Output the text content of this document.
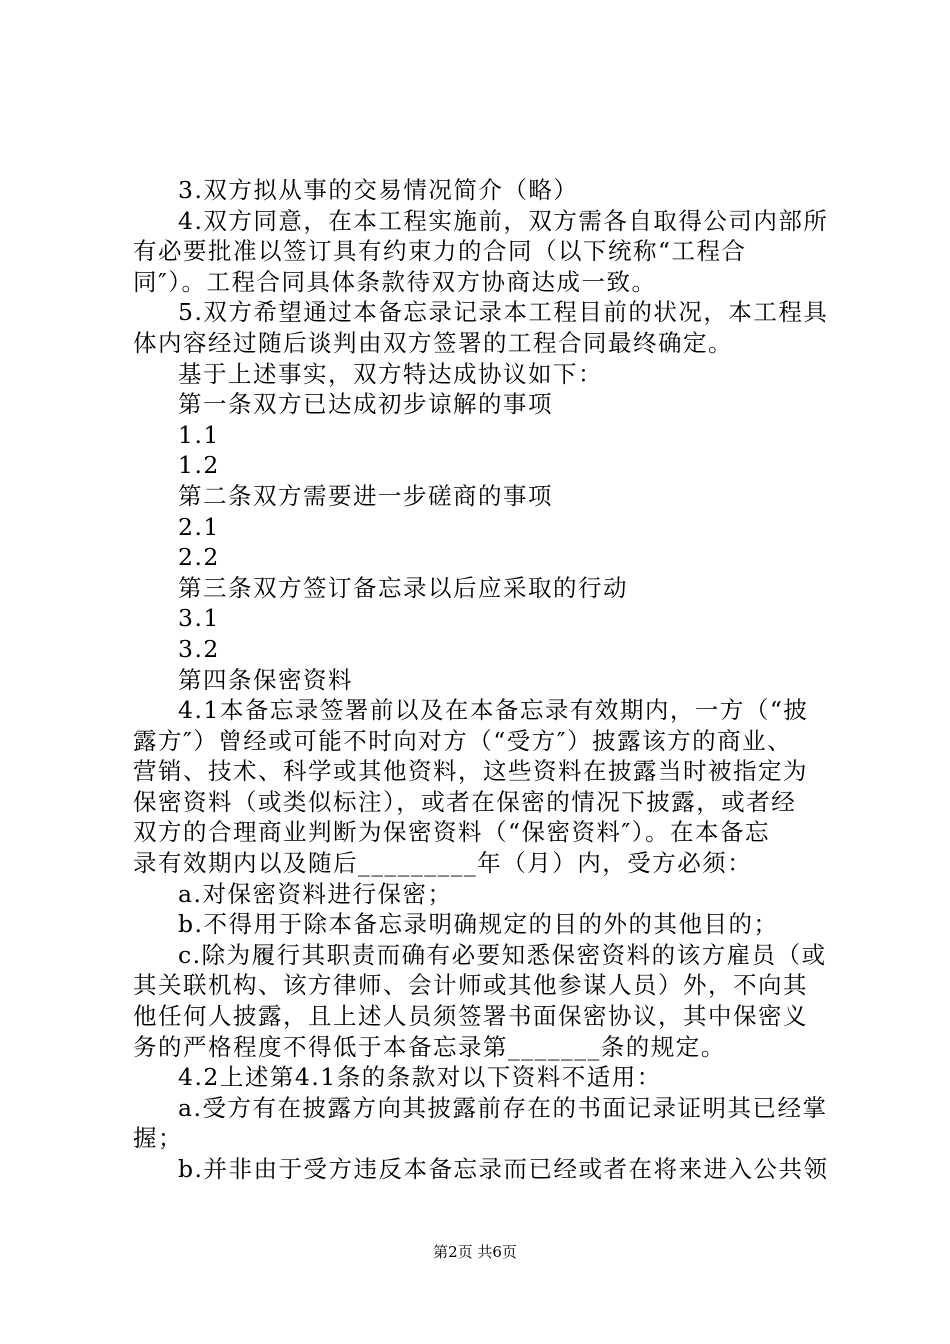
3.双方拟从事的交易情况简介（略）
4.双方同意，在本工程实施前，双方需各自取得公司内部所
有必要批准以签订具有约束力的合同（以下统称“工程合
同″）。工程合同具体条款待双方协商达成一致。
5.双方希望通过本备忘录记录本工程目前的状况，本工程具
体内容经过随后谈判由双方签署的工程合同最终确定。
基于上述事实，双方特达成协议如下：
第一条双方已达成初步谅解的事项
1.1
1.2
第二条双方需要进一步磋商的事项
2.1
2.2
第三条双方签订备忘录以后应采取的行动
3.1
3.2
第四条保密资料
4.1本备忘录签署前以及在本备忘录有效期内，一方（“披
露方″）曾经或可能不时向对方（“受方″）披露该方的商业、
营销、技术、科学或其他资料，这些资料在披露当时被指定为
保密资料（或类似标注），或者在保密的情况下披露，或者经
双方的合理商业判断为保密资料（“保密资料″）。在本备忘
录有效期内以及随后_________年（月）内，受方必须：
a.对保密资料进行保密；
b.不得用于除本备忘录明确规定的目的外的其他目的；
c.除为履行其职责而确有必要知悉保密资料的该方雇员（或
其关联机构、该方律师、会计师或其他参谋人员）外，不向其
他任何人披露，且上述人员须签署书面保密协议，其中保密义
务的严格程度不得低于本备忘录第_______条的规定。
4.2上述第4.1条的条款对以下资料不适用：
a.受方有在披露方向其披露前存在的书面记录证明其已经掌
握；
b.并非由于受方违反本备忘录而已经或者在将来进入公共领
第2页 共6页
